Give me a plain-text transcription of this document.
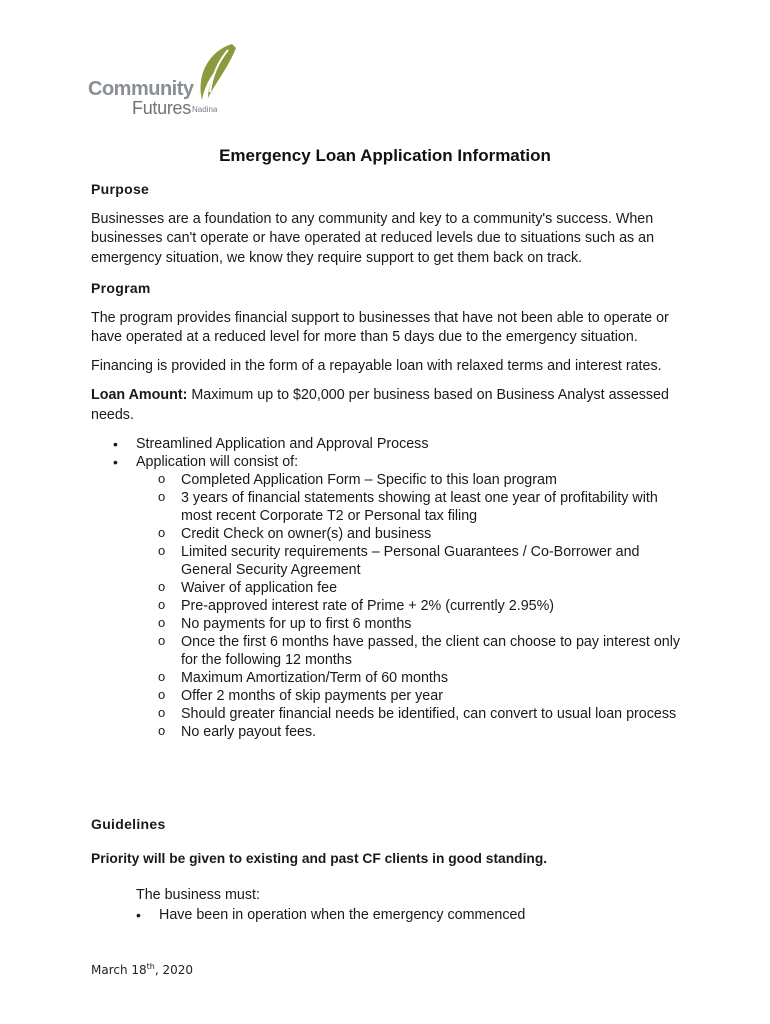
Community
Futures Nadina
Emergency Loan Application Information
Purpose

Businesses are a foundation to any community and key to a community's success. When businesses can't operate or have operated at reduced levels due to situations such as an emergency situation, we know they require support to get them back on track.

Program

The program provides financial support to businesses that have not been able to operate or have operated at a reduced level for more than 5 days due to the emergency situation.

Financing is provided in the form of a repayable loan with relaxed terms and interest rates.

Loan Amount: Maximum up to $20,000 per business based on Business Analyst assessed needs.

• Streamlined Application and Approval Process
• Application will consist of:
o Completed Application Form – Specific to this loan program
o 3 years of financial statements showing at least one year of profitability with most recent Corporate T2 or Personal tax filing
o Credit Check on owner(s) and business
o Limited security requirements – Personal Guarantees / Co-Borrower and General Security Agreement
o Waiver of application fee
o Pre-approved interest rate of Prime + 2% (currently 2.95%)
o No payments for up to first 6 months
o Once the first 6 months have passed, the client can choose to pay interest only for the following 12 months
o Maximum Amortization/Term of 60 months
o Offer 2 months of skip payments per year
o Should greater financial needs be identified, can convert to usual loan process
o No early payout fees.
Guidelines

Priority will be given to existing and past CF clients in good standing.

The business must:

• Have been in operation when the emergency commenced
March 18th, 2020
